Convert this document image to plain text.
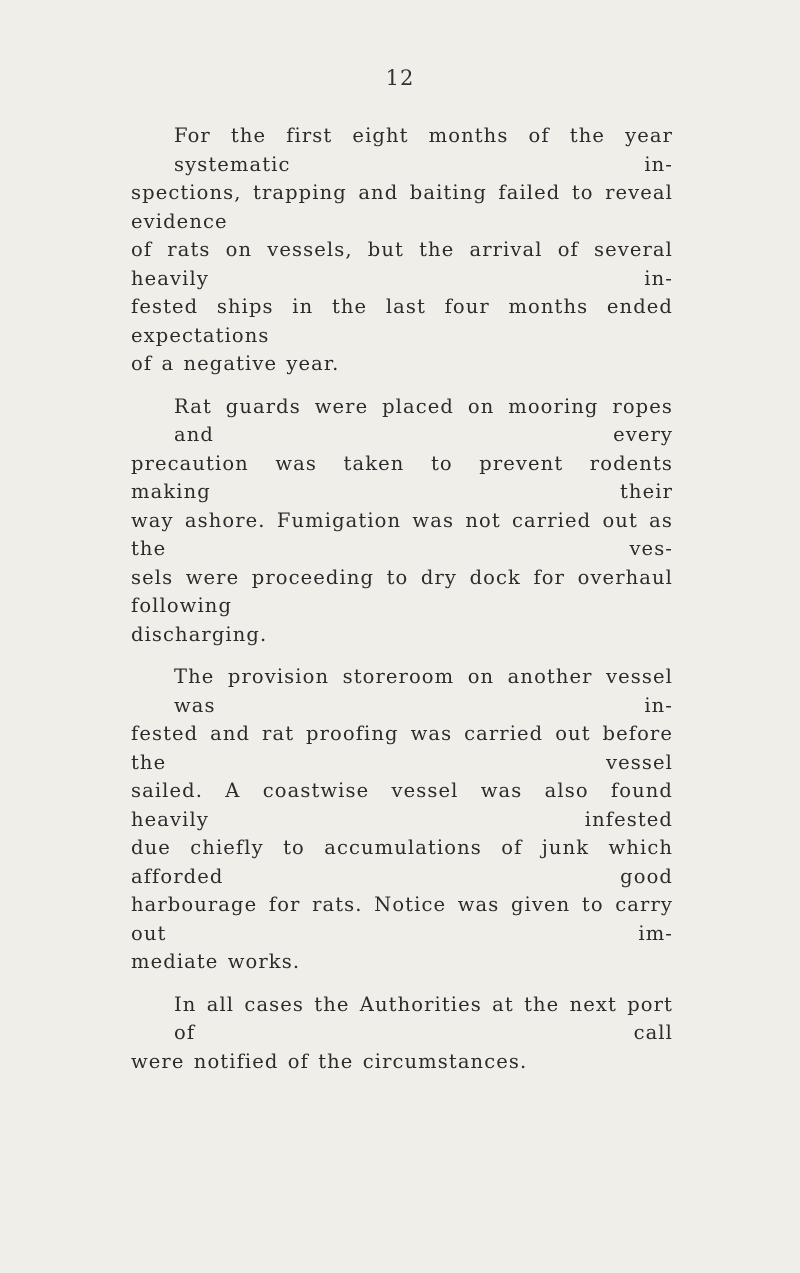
12

For the first eight months of the year systematic in-
spections, trapping and baiting failed to reveal evidence
of rats on vessels, but the arrival of several heavily in-
fested ships in the last four months ended expectations
of a negative year.

Rat guards were placed on mooring ropes and every
precaution was taken to prevent rodents making their
way ashore. Fumigation was not carried out as the ves-
sels were proceeding to dry dock for overhaul following
discharging.

The provision storeroom on another vessel was in-
fested and rat proofing was carried out before the vessel
sailed. A coastwise vessel was also found heavily infested
due chiefly to accumulations of junk which afforded good
harbourage for rats. Notice was given to carry out im-
mediate works.

In all cases the Authorities at the next port of call
were notified of the circumstances.
